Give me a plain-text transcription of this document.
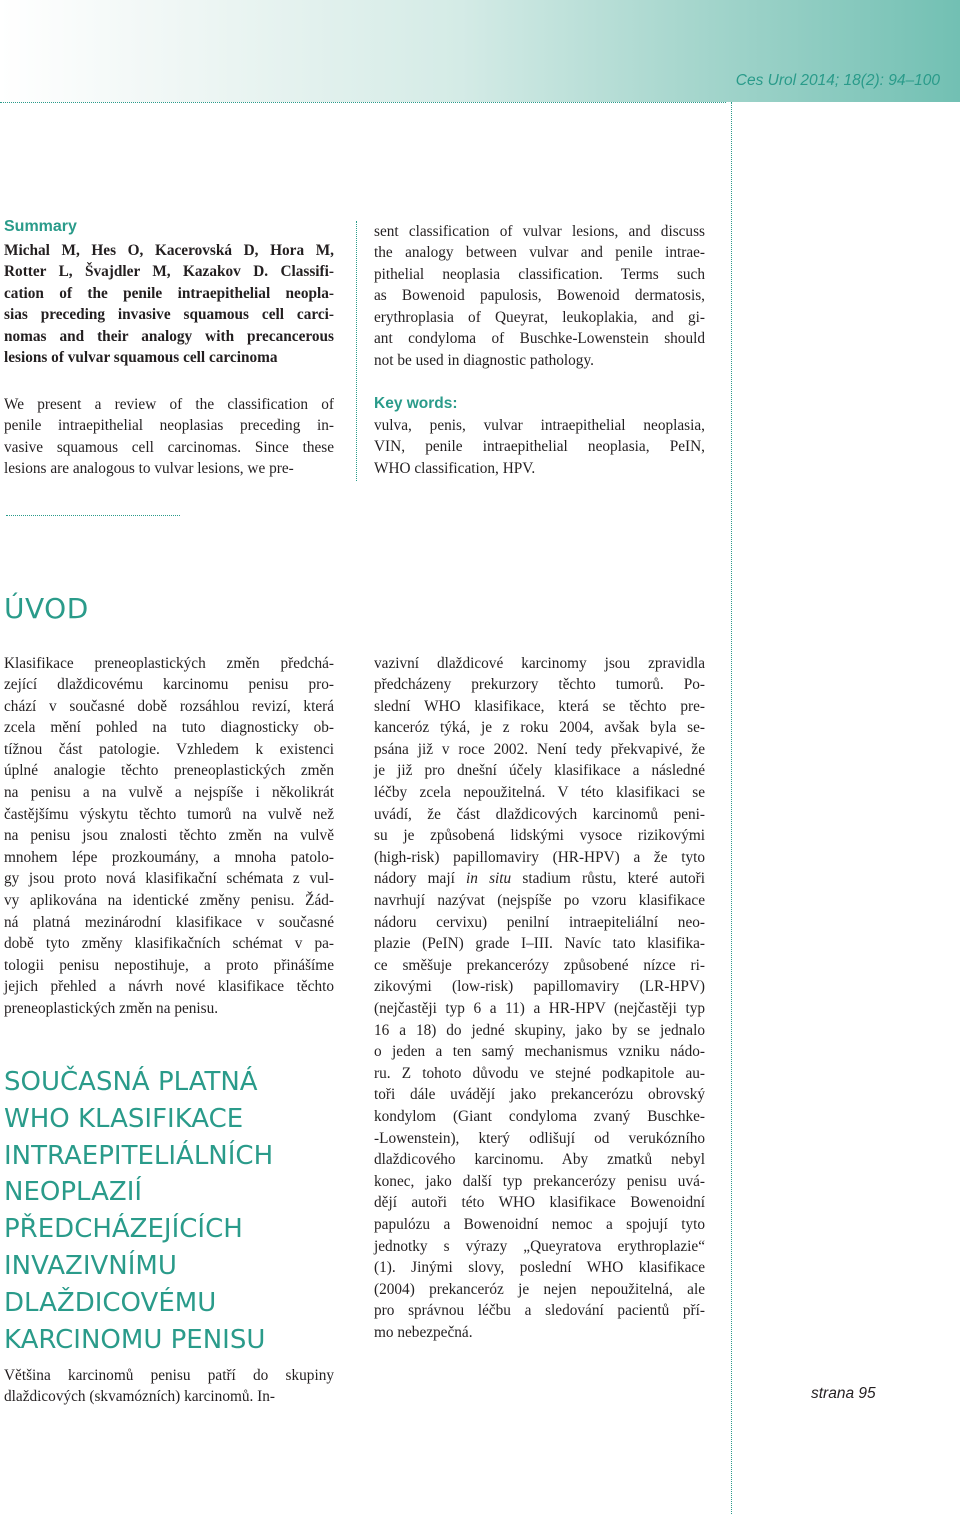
Ces Urol 2014; 18(2): 94–100
Summary
Michal M, Hes O, Kacerovská D, Hora M,
Rotter L, Švajdler M, Kazakov D. Classifi-
cation of the penile intraepithelial neopla-
sias preceding invasive squamous cell carci-
nomas and their analogy with precancerous
lesions of vulvar squamous cell carcinoma
We present a review of the classification of
penile intraepithelial neoplasias preceding in-
vasive squamous cell carcinomas. Since these
lesions are analogous to vulvar lesions, we pre-
sent classification of vulvar lesions, and discuss
the analogy between vulvar and penile intrae-
pithelial neoplasia classification. Terms such
as Bowenoid papulosis, Bowenoid dermatosis,
erythroplasia of Queyrat, leukoplakia, and gi-
ant condyloma of Buschke-Lowenstein should
not be used in diagnostic pathology.
Key words:
vulva, penis, vulvar intraepithelial neoplasia,
VIN, penile intraepithelial neoplasia, PeIN,
WHO classification, HPV.
ÚVOD
Klasifikace preneoplastických změn předchá-
zející dlaždicovému karcinomu penisu pro-
chází v současné době rozsáhlou revizí, která
zcela mění pohled na tuto diagnosticky ob-
tížnou část patologie. Vzhledem k existenci
úplné analogie těchto preneoplastických změn
na penisu a na vulvě a nejspíše i několikrát
častějšímu výskytu těchto tumorů na vulvě než
na penisu jsou znalosti těchto změn na vulvě
mnohem lépe prozkoumány, a mnoha patolo-
gy jsou proto nová klasifikační schémata z vul-
vy aplikována na identické změny penisu. Žád-
ná platná mezinárodní klasifikace v současné
době tyto změny klasifikačních schémat v pa-
tologii penisu nepostihuje, a proto přinášíme
jejich přehled a návrh nové klasifikace těchto
preneoplastických změn na penisu.
SOUČASNÁ PLATNÁ
WHO KLASIFIKACE
INTRAEPITELIÁLNÍCH
NEOPLAZIÍ
PŘEDCHÁZEJÍCÍCH
INVAZIVNÍMU
DLAŽDICOVÉMU
KARCINOMU PENISU
Většina karcinomů penisu patří do skupiny
dlaždicových (skvamózních) karcinomů. In-
vazivní dlaždicové karcinomy jsou zpravidla
předcházeny prekurzory těchto tumorů. Po-
slední WHO klasifikace, která se těchto pre-
kanceróz týká, je z roku 2004, avšak byla se-
psána již v roce 2002. Není tedy překvapivé, že
je již pro dnešní účely klasifikace a následné
léčby zcela nepoužitelná. V této klasifikaci se
uvádí, že část dlaždicových karcinomů peni-
su je způsobená lidskými vysoce rizikovými
(high-risk) papillomaviry (HR-HPV) a že tyto
nádory mají in situ stadium růstu, které autoři
navrhují nazývat (nejspíše po vzoru klasifikace
nádoru cervixu) penilní intraepiteliální neo-
plazie (PeIN) grade I–III. Navíc tato klasifika-
ce směšuje prekancerózy způsobené nízce ri-
zikovými (low-risk) papillomaviry (LR-HPV)
(nejčastěji typ 6 a 11) a HR-HPV (nejčastěji typ
16 a 18) do jedné skupiny, jako by se jednalo
o jeden a ten samý mechanismus vzniku nádo-
ru. Z tohoto důvodu ve stejné podkapitole au-
toři dále uvádějí jako prekancerózu obrovský
kondylom (Giant condyloma zvaný Buschke-
-Lowenstein), který odlišují od verukózního
dlaždicového karcinomu. Aby zmatků nebyl
konec, jako další typ prekancerózy penisu uvá-
dějí autoři této WHO klasifikace Bowenoidní
papulózu a Bowenoidní nemoc a spojují tyto
jednotky s výrazy „Queyratova erythroplazie“
(1). Jinými slovy, poslední WHO klasifikace
(2004) prekanceróz je nejen nepoužitelná, ale
pro správnou léčbu a sledování pacientů pří-
mo nebezpečná.
strana 95
